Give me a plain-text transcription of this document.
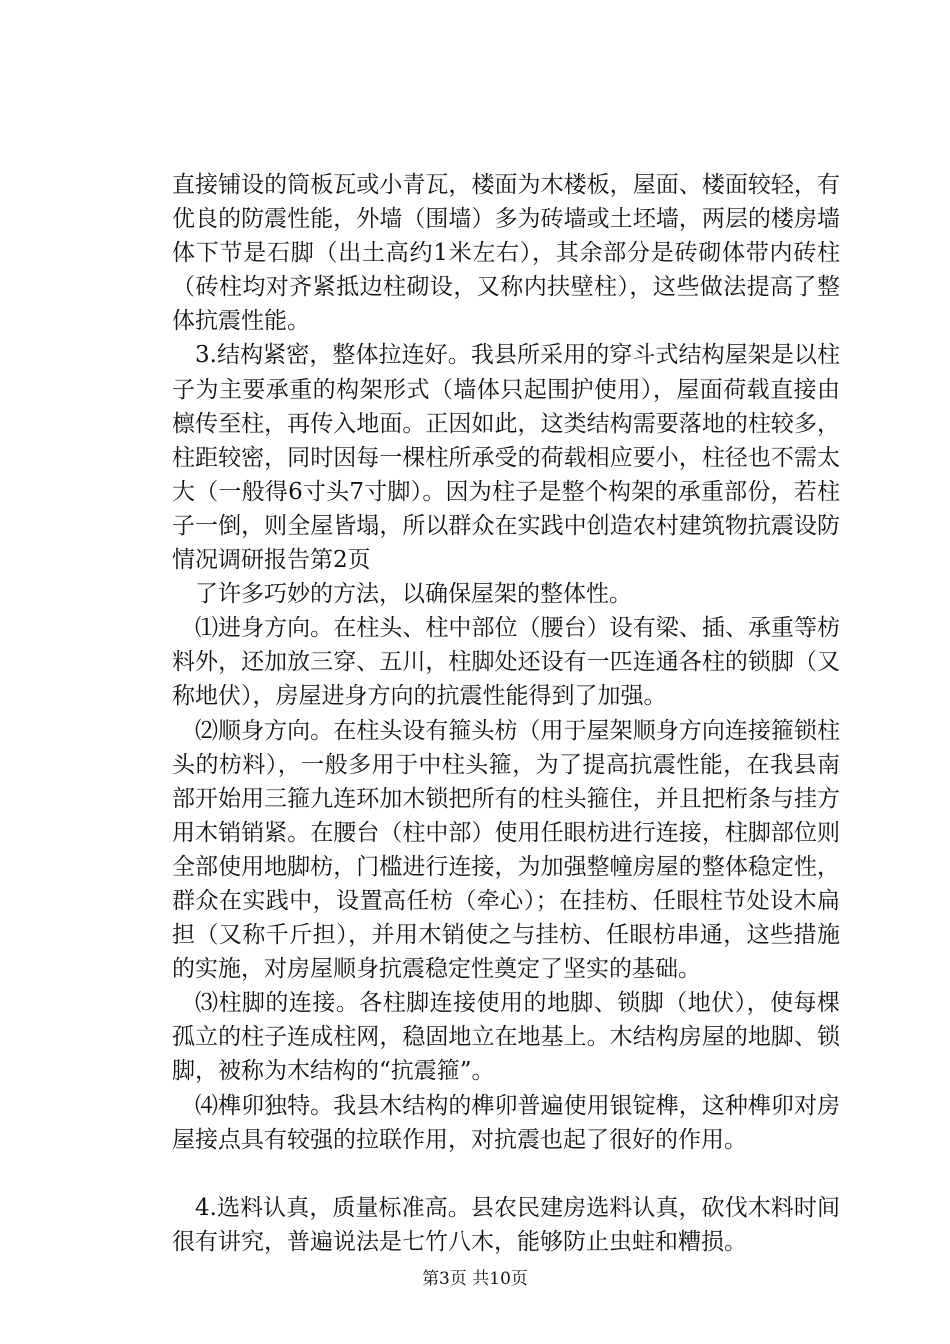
直接铺设的筒板瓦或小青瓦，楼面为木楼板，屋面、楼面较轻，有优良的防震性能，外墙（围墙）多为砖墙或土坯墙，两层的楼房墙体下节是石脚（出土高约1米左右），其余部分是砖砌体带内砖柱（砖柱均对齐紧抵边柱砌设，又称内扶壁柱），这些做法提高了整体抗震性能。

3.结构紧密，整体拉连好。我县所采用的穿斗式结构屋架是以柱子为主要承重的构架形式（墙体只起围护使用），屋面荷载直接由檩传至柱，再传入地面。正因如此，这类结构需要落地的柱较多，柱距较密，同时因每一棵柱所承受的荷载相应要小，柱径也不需太大（一般得6寸头7寸脚）。因为柱子是整个构架的承重部份，若柱子一倒，则全屋皆塌，所以群众在实践中创造农村建筑物抗震设防情况调研报告第2页

了许多巧妙的方法，以确保屋架的整体性。

⑴进身方向。在柱头、柱中部位（腰台）设有梁、插、承重等枋料外，还加放三穿、五川，柱脚处还设有一匹连通各柱的锁脚（又称地伏），房屋进身方向的抗震性能得到了加强。

⑵顺身方向。在柱头设有箍头枋（用于屋架顺身方向连接箍锁柱头的枋料），一般多用于中柱头箍，为了提高抗震性能，在我县南部开始用三箍九连环加木锁把所有的柱头箍住，并且把桁条与挂方用木销销紧。在腰台（柱中部）使用任眼枋进行连接，柱脚部位则全部使用地脚枋，门槛进行连接，为加强整幢房屋的整体稳定性，群众在实践中，设置高任枋（牵心）；在挂枋、任眼柱节处设木扁担（又称千斤担），并用木销使之与挂枋、任眼枋串通，这些措施的实施，对房屋顺身抗震稳定性奠定了坚实的基础。

⑶柱脚的连接。各柱脚连接使用的地脚、锁脚（地伏），使每棵孤立的柱子连成柱网，稳固地立在地基上。木结构房屋的地脚、锁脚，被称为木结构的“抗震箍”。

⑷榫卯独特。我县木结构的榫卯普遍使用银锭榫，这种榫卯对房屋接点具有较强的拉联作用，对抗震也起了很好的作用。

4.选料认真，质量标准高。县农民建房选料认真，砍伐木料时间很有讲究，普遍说法是七竹八木，能够防止虫蛀和糟损。

第3页 共10页
